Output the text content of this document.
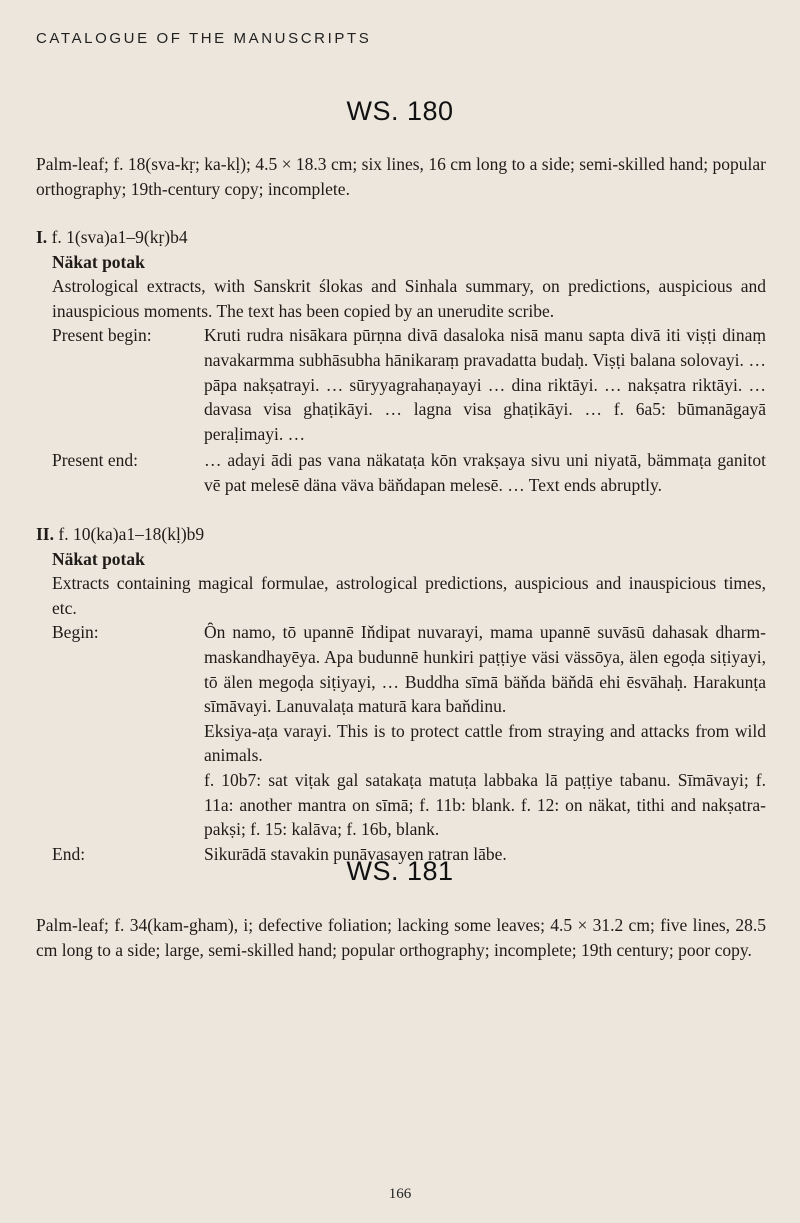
CATALOGUE OF THE MANUSCRIPTS
WS. 180

Palm-leaf; f. 18(sva-kṛ; ka-kḷ); 4.5 × 18.3 cm; six lines, 16 cm long to a side; semi-skilled hand; popular orthography; 19th-century copy; incomplete.

I. f. 1(sva)a1–9(kṛ)b4
Näkat potak
Astrological extracts, with Sanskrit ślokas and Sinhala summary, on predictions, auspicious and inauspicious moments. The text has been copied by an unerudite scribe.
Present begin:	Kruti rudra nisākara pūrṇna divā dasaloka nisā manu sapta divā iti viṣṭi dinaṃ navakarmma subhāsubha hānikaraṃ pravadatta budaḥ. Viṣṭi balana solovayi. … pāpa nakṣatrayi. … sūryyagrahaṇayayi … dina riktāyi. … nakṣatra riktāyi. … davasa visa ghaṭikāyi. … lagna visa ghaṭikāyi. … f. 6a5: būmanāgayā peraḷimayi. …

Present end:	… adayi ādi pas vana näkataṭa kōn vrakṣaya sivu uni niyatā, bämmaṭa ganitot vē pat melesē däna väva bäňdapan melesē. … Text ends abruptly.

II. f. 10(ka)a1–18(kḷ)b9
Näkat potak
Extracts containing magical formulae, astrological predictions, auspicious and inauspicious times, etc.
Begin:	Ȏn namo, tō upannē Iňdipat nuvarayi, mama upannē suvāsū dahasak dharm-maskandhayēya. Apa budunnē hunkiri paṭṭiye väsi vässōya, älen egoḍa siṭiyayi, tō älen megoḍa siṭiyayi, … Buddha sīmā bäňda bäňdā ehi ēsvāhaḥ. Harakunṭa sīmāvayi. Lanuvalaṭa maturā kara baňdinu.

Eksiya-aṭa varayi. This is to protect cattle from straying and attacks from wild animals.

f. 10b7: sat viṭak gal satakaṭa matuṭa labbaka lā paṭṭiye tabanu. Sīmāvayi; f. 11a: another mantra on sīmā; f. 11b: blank. f. 12: on näkat, tithi and nakṣatra-pakṣi; f. 15: kalāva; f. 16b, blank.

End:	Sikurādā stavakin punāvasayen ratran lābe.

WS. 181

Palm-leaf; f. 34(kam-gham), i; defective foliation; lacking some leaves; 4.5 × 31.2 cm; five lines, 28.5 cm long to a side; large, semi-skilled hand; popular orthography; incomplete; 19th century; poor copy.

166
